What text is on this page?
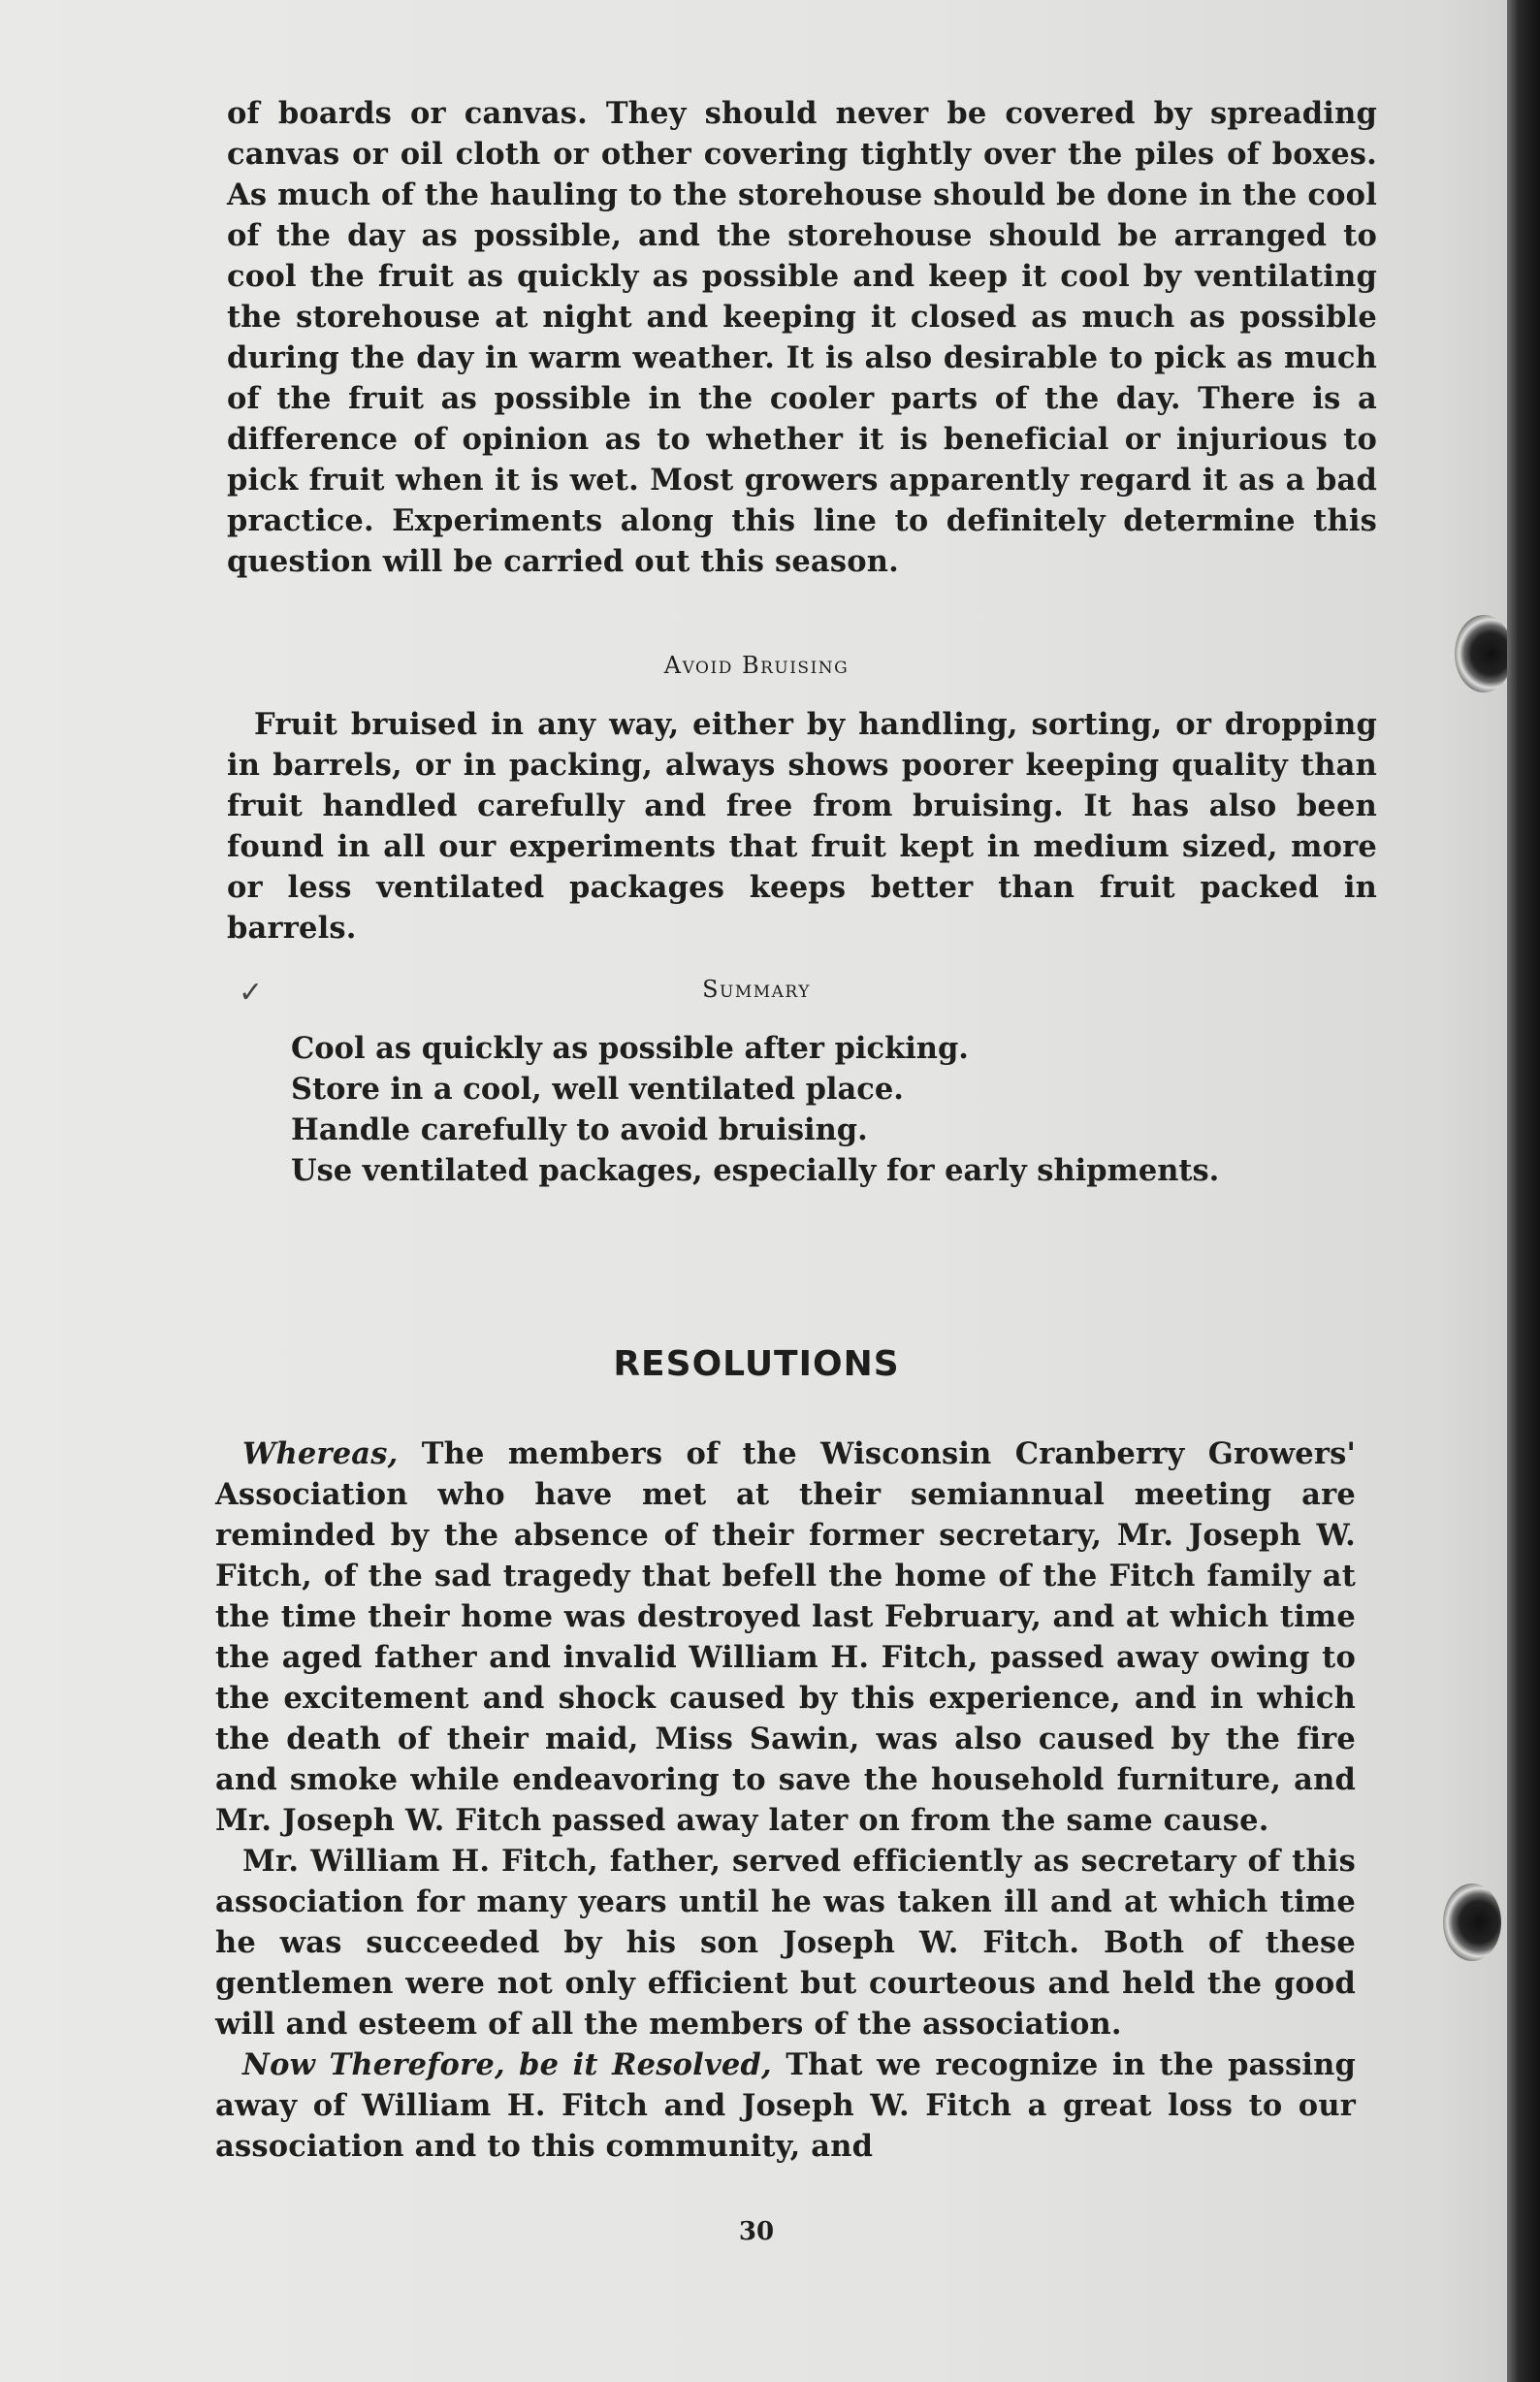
of boards or canvas. They should never be covered by spreading canvas or oil cloth or other covering tightly over the piles of boxes. As much of the hauling to the storehouse should be done in the cool of the day as possible, and the storehouse should be arranged to cool the fruit as quickly as possible and keep it cool by ventilating the storehouse at night and keeping it closed as much as possible during the day in warm weather. It is also desirable to pick as much of the fruit as possible in the cooler parts of the day. There is a difference of opinion as to whether it is beneficial or injurious to pick fruit when it is wet. Most growers apparently regard it as a bad practice. Experiments along this line to definitely determine this question will be carried out this season.

Avoid Bruising

Fruit bruised in any way, either by handling, sorting, or dropping in barrels, or in packing, always shows poorer keeping quality than fruit handled carefully and free from bruising. It has also been found in all our experiments that fruit kept in medium sized, more or less ventilated packages keeps better than fruit packed in barrels.

✓	Summary
Cool as quickly as possible after picking.
Store in a cool, well ventilated place.
Handle carefully to avoid bruising.
Use ventilated packages, especially for early shipments.
RESOLUTIONS

Whereas, The members of the Wisconsin Cranberry Growers' Association who have met at their semiannual meeting are reminded by the absence of their former secretary, Mr. Joseph W. Fitch, of the sad tragedy that befell the home of the Fitch family at the time their home was destroyed last February, and at which time the aged father and invalid William H. Fitch, passed away owing to the excitement and shock caused by this experience, and in which the death of their maid, Miss Sawin, was also caused by the fire and smoke while endeavoring to save the household furniture, and Mr. Joseph W. Fitch passed away later on from the same cause.

Mr. William H. Fitch, father, served efficiently as secretary of this association for many years until he was taken ill and at which time he was succeeded by his son Joseph W. Fitch. Both of these gentlemen were not only efficient but courteous and held the good will and esteem of all the members of the association.

Now Therefore, be it Resolved, That we recognize in the passing away of William H. Fitch and Joseph W. Fitch a great loss to our association and to this community, and

30
